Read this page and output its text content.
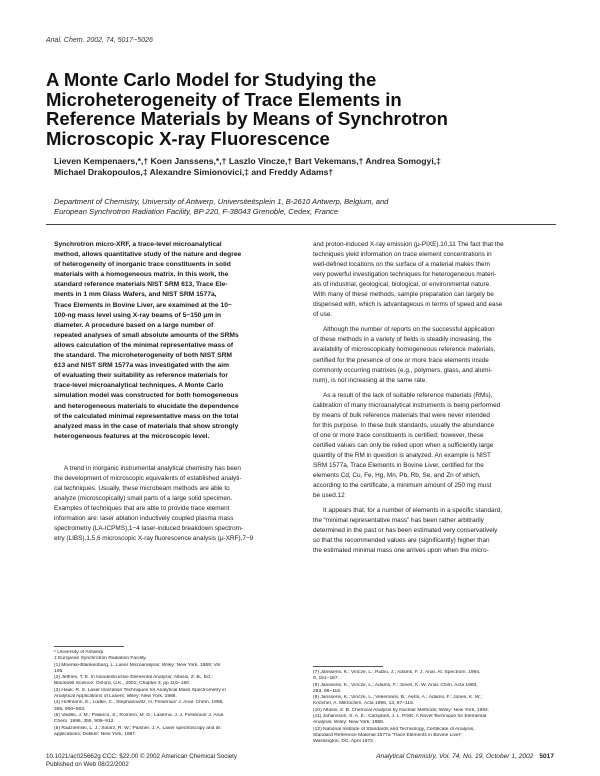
Anal. Chem. 2002, 74, 5017−5026
A Monte Carlo Model for Studying the
Microheterogeneity of Trace Elements in
Reference Materials by Means of Synchrotron
Microscopic X-ray Fluorescence
Lieven Kempenaers,*,† Koen Janssens,*,† Laszlo Vincze,† Bart Vekemans,† Andrea Somogyi,‡
Michael Drakopoulos,‡ Alexandre Simionovici,‡ and Freddy Adams†
Department of Chemistry, University of Antwerp, Universiteitsplein 1, B-2610 Antwerp, Belgium, and
European Synchrotron Radiation Facility, BP 220, F-38043 Grenoble, Cedex, France
Synchrotron micro-XRF, a trace-level microanalytical
method, allows quantitative study of the nature and degree
of heterogeneity of inorganic trace constituents in solid
materials with a homogeneous matrix. In this work, the
standard reference materials NIST SRM 613, Trace Ele-
ments in 1 mm Glass Wafers, and NIST SRM 1577a,
Trace Elements in Bovine Liver, are examined at the 10−
100-ng mass level using X-ray beams of 5−150 μm in
diameter. A procedure based on a large number of
repeated analyses of small absolute amounts of the SRMs
allows calculation of the minimal representative mass of
the standard. The microheterogeneity of both NIST SRM
613 and NIST SRM 1577a was investigated with the aim
of evaluating their suitability as reference materials for
trace-level microanalytical techniques. A Monte Carlo
simulation model was constructed for both homogeneous
and heterogeneous materials to elucidate the dependence
of the calculated minimal representative mass on the total
analyzed mass in the case of materials that show strongly
heterogeneous features at the microscopic level.
A trend in inorganic instrumental analytical chemistry has been
the development of microscopic equivalents of established analyti-
cal techniques. Usually, these microbeam methods are able to
analyze (microscopically) small parts of a large solid specimen.
Examples of techniques that are able to provide trace element
information are: laser ablation inductively coupled plasma mass
spectrometry (LA-ICPMS),1−4 laser-induced breakdown spectrom-
etry (LIBS),1,5,6 microscopic X-ray fluorescence analysis (μ-XRF),7−9
and proton-induced X-ray emission (μ-PIXE).10,11 The fact that the
techniques yield information on trace element concentrations in
well-defined locations on the surface of a material makes them
very powerful investigation techniques for heterogeneous materi-
als of industrial, geological, biological, or environmental nature.
With many of these methods, sample preparation can largely be
dispensed with, which is advantageous in terms of speed and ease
of use.
Although the number of reports on the successful application
of these methods in a variety of fields is steadily increasing, the
availability of microscopically homogeneous reference materials,
certified for the presence of one or more trace elements inside
commonly occurring matrixes (e.g., polymers, glass, and alumi-
num), is not increasing at the same rate.
As a result of the lack of suitable reference materials (RMs),
calibration of many microanalytical instruments is being performed
by means of bulk reference materials that were never intended
for this purpose. In these bulk standards, usually the abundance
of one or more trace constituents is certified; however, these
certified values can only be relied upon when a sufficiently large
quantity of the RM in question is analyzed. An example is NIST
SRM 1577a, Trace Elements in Bovine Liver, certified for the
elements Cd, Cu, Fe, Hg, Mn, Pb, Rb, Se, and Zn of which,
according to the certificate, a minimum amount of 250 mg must
be used.12
It appears that, for a number of elements in a specific standard,
the “minimal representative mass” has been rather arbitrarily
determined in the past or has been estimated very conservatively
so that the recommended values are (significantly) higher than
the estimated minimal mass one arrives upon when the micro-
* University of Antwerp.
‡ European Synchrotron Radiation Facility.
(1) Moenke-Blankenburg, L. Laser Microanalysis; Wiley: New York, 1989; Vol
105.
(2) Jeffries, T. E. In Nondestructive Elemental Analysis; Alfassi, Z. B., Ed.;
Blackwell Science: Oxford, U.K., 2001; Chapter 3, pp 115−150.
(3) Hauk, R. S. Laser Ionization Techniques for Analytical Mass Spectrometry in
Analytical Applications of Lasers; Wiley: New York, 1986.
(4) Hoffmann, E.; Lüdke, C.; Stephanowitz, H. Fresenius' J. Anal. Chem. 1996,
355, 900−903.
(5) Vadillo, J. M.; Palanco, S.; Romero, M. D.; Laserna, J. J. Fresenius' J. Anal.
Chem. 1996, 355, 909−912.
(6) Radziemski, L. J.; Solarz, R. W.; Paisner, J. A. Laser spectroscopy and its
applications; Dekker: New York, 1987.
(7) Janssens, K.; Vincze, L.; Rubio, J.; Adams, F. J. Anal. At. Spectrom. 1994,
9, 151−157.
(8) Janssens, K.; Vincze, L.; Adams, F.; Jones, K. W. Anal. Chim. Acta 1993,
283, 98−119.
(9) Janssens, K.; Vincze, L.; Vekemans, B.; Aerts, A.; Adams, F.; Jones, K. W.;
Knöchel, A. Mikrochim. Acta 1996, 13, 87−115.
(10) Alfassi, Z. B. Chemical Analysis by Nuclear Methods; Wiley: New York, 1994.
(11) Johansson, S. A. E.; Campbell, J. L. PIXE: A Novel Technique for Elemental
Analysis; Wiley: New York, 1988.
(12) National Institute of Standards and Technology, Certificate of Analysis,
Standard Reference Material 1577a 'Trace Elements in Bovine Liver';
Washington, DC, April 1972.
10.1021/ac025662g CCC: $22.00 © 2002 American Chemical Society
Published on Web 08/22/2002
Analytical Chemistry, Vol. 74, No. 19, October 1, 2002 5017
